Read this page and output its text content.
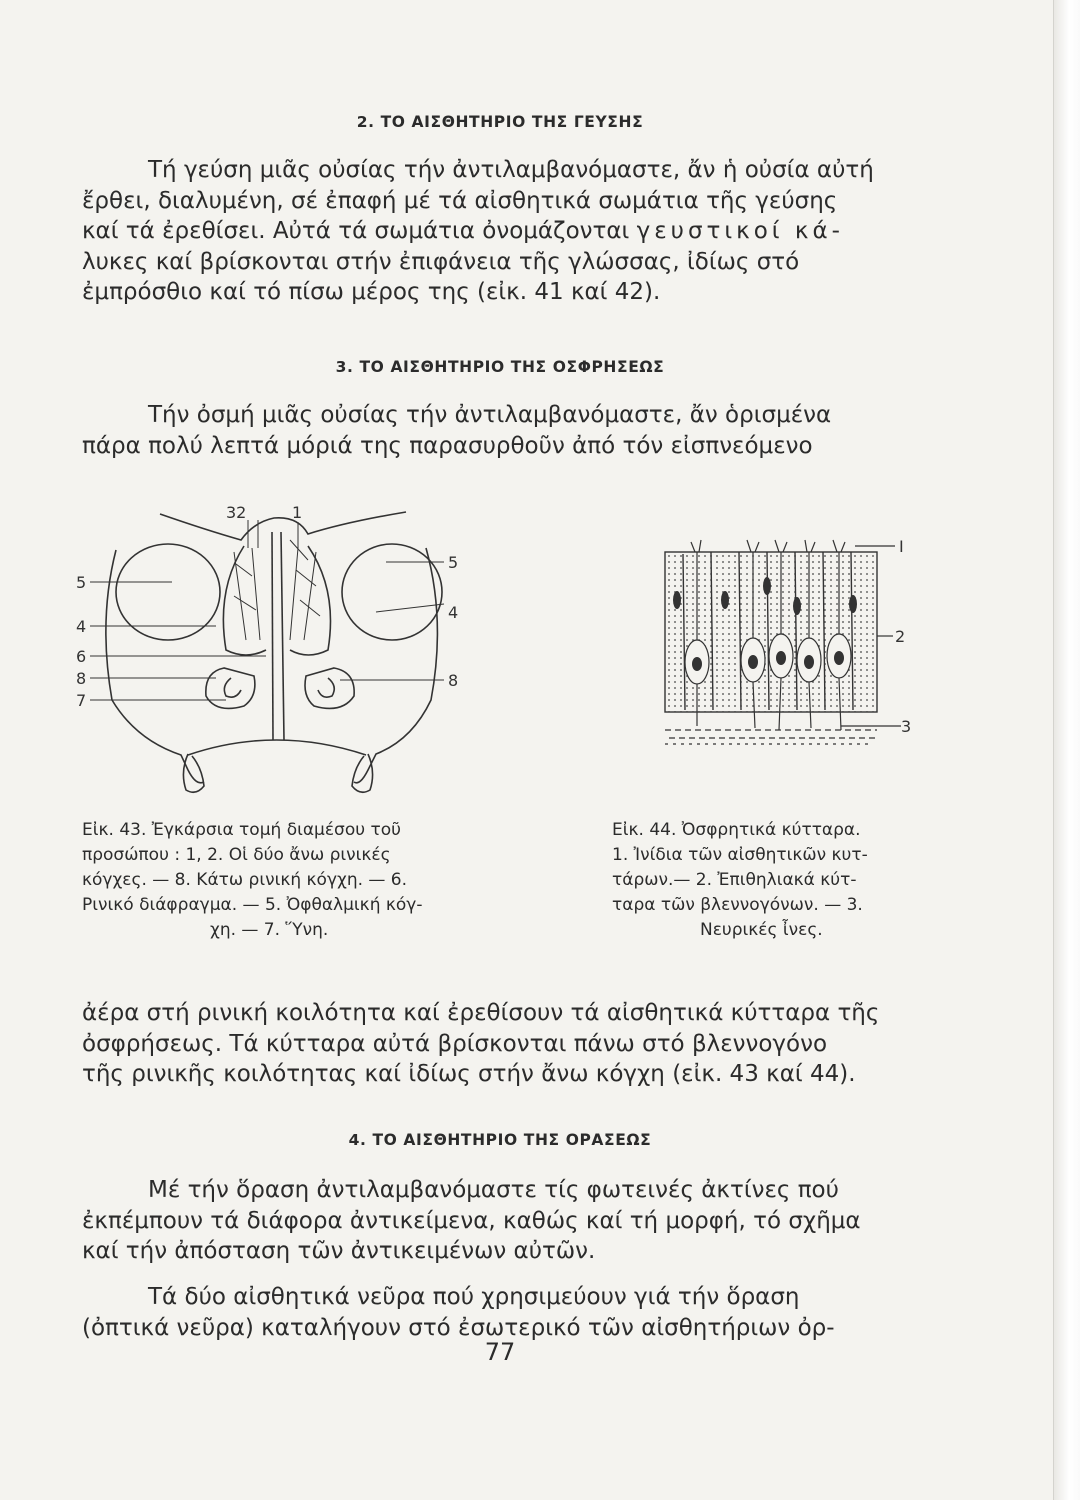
2. ΤΟ ΑΙΣΘΗΤΗΡΙΟ ΤΗΣ ΓΕΥΣΗΣ
Τή γεύση μιᾶς οὐσίας τήν ἀντιλαμβανόμαστε, ἄν ἡ οὐσία αὐτή
ἔρθει, διαλυμένη, σέ ἐπαφή μέ τά αἰσθητικά σωμάτια τῆς γεύσης
καί τά ἐρεθίσει. Αὐτά τά σωμάτια ὀνομάζονται γευστικοί κά-
λυκες καί βρίσκονται στήν ἐπιφάνεια τῆς γλώσσας, ἰδίως στό
ἐμπρόσθιο καί τό πίσω μέρος της (εἰκ. 41 καί 42).
3. ΤΟ ΑΙΣΘΗΤΗΡΙΟ ΤΗΣ ΟΣΦΡΗΣΕΩΣ
Τήν ὀσμή μιᾶς οὐσίας τήν ἀντιλαμβανόμαστε, ἄν ὁρισμένα
πάρα πολύ λεπτά μόριά της παρασυρθοῦν ἀπό τόν εἰσπνεόμενο
32	1
5
4
8
5
4
6
8
7
I
2
3
Εἰκ. 43. Ἐγκάρσια τομή διαμέσου τοῦ
προσώπου : 1, 2. Οἱ δύο ἄνω ρινικές
κόγχες. — 8. Κάτω ρινική κόγχη. — 6.
Ρινικό διάφραγμα. — 5. Ὀφθαλμική κόγ-
χη. — 7. Ὕνη.
Εἰκ. 44. Ὀσφρητικά κύτταρα.
1. Ἰνίδια τῶν αἰσθητικῶν κυτ-
τάρων.— 2. Ἐπιθηλιακά κύτ-
ταρα τῶν βλεννογόνων. — 3.
Νευρικές ἶνες.
ἀέρα στή ρινική κοιλότητα καί ἐρεθίσουν τά αἰσθητικά κύτταρα τῆς
ὀσφρήσεως. Τά κύτταρα αὐτά βρίσκονται πάνω στό βλεννογόνο
τῆς ρινικῆς κοιλότητας καί ἰδίως στήν ἄνω κόγχη (εἰκ. 43 καί 44).
4. ΤΟ ΑΙΣΘΗΤΗΡΙΟ ΤΗΣ ΟΡΑΣΕΩΣ
Μέ τήν ὅραση ἀντιλαμβανόμαστε τίς φωτεινές ἀκτίνες πού
ἐκπέμπουν τά διάφορα ἀντικείμενα, καθώς καί τή μορφή, τό σχῆμα
καί τήν ἀπόσταση τῶν ἀντικειμένων αὐτῶν.
Τά δύο αἰσθητικά νεῦρα πού χρησιμεύουν γιά τήν ὅραση
(ὀπτικά νεῦρα) καταλήγουν στό ἐσωτερικό τῶν αἰσθητήριων ὀρ-
77
